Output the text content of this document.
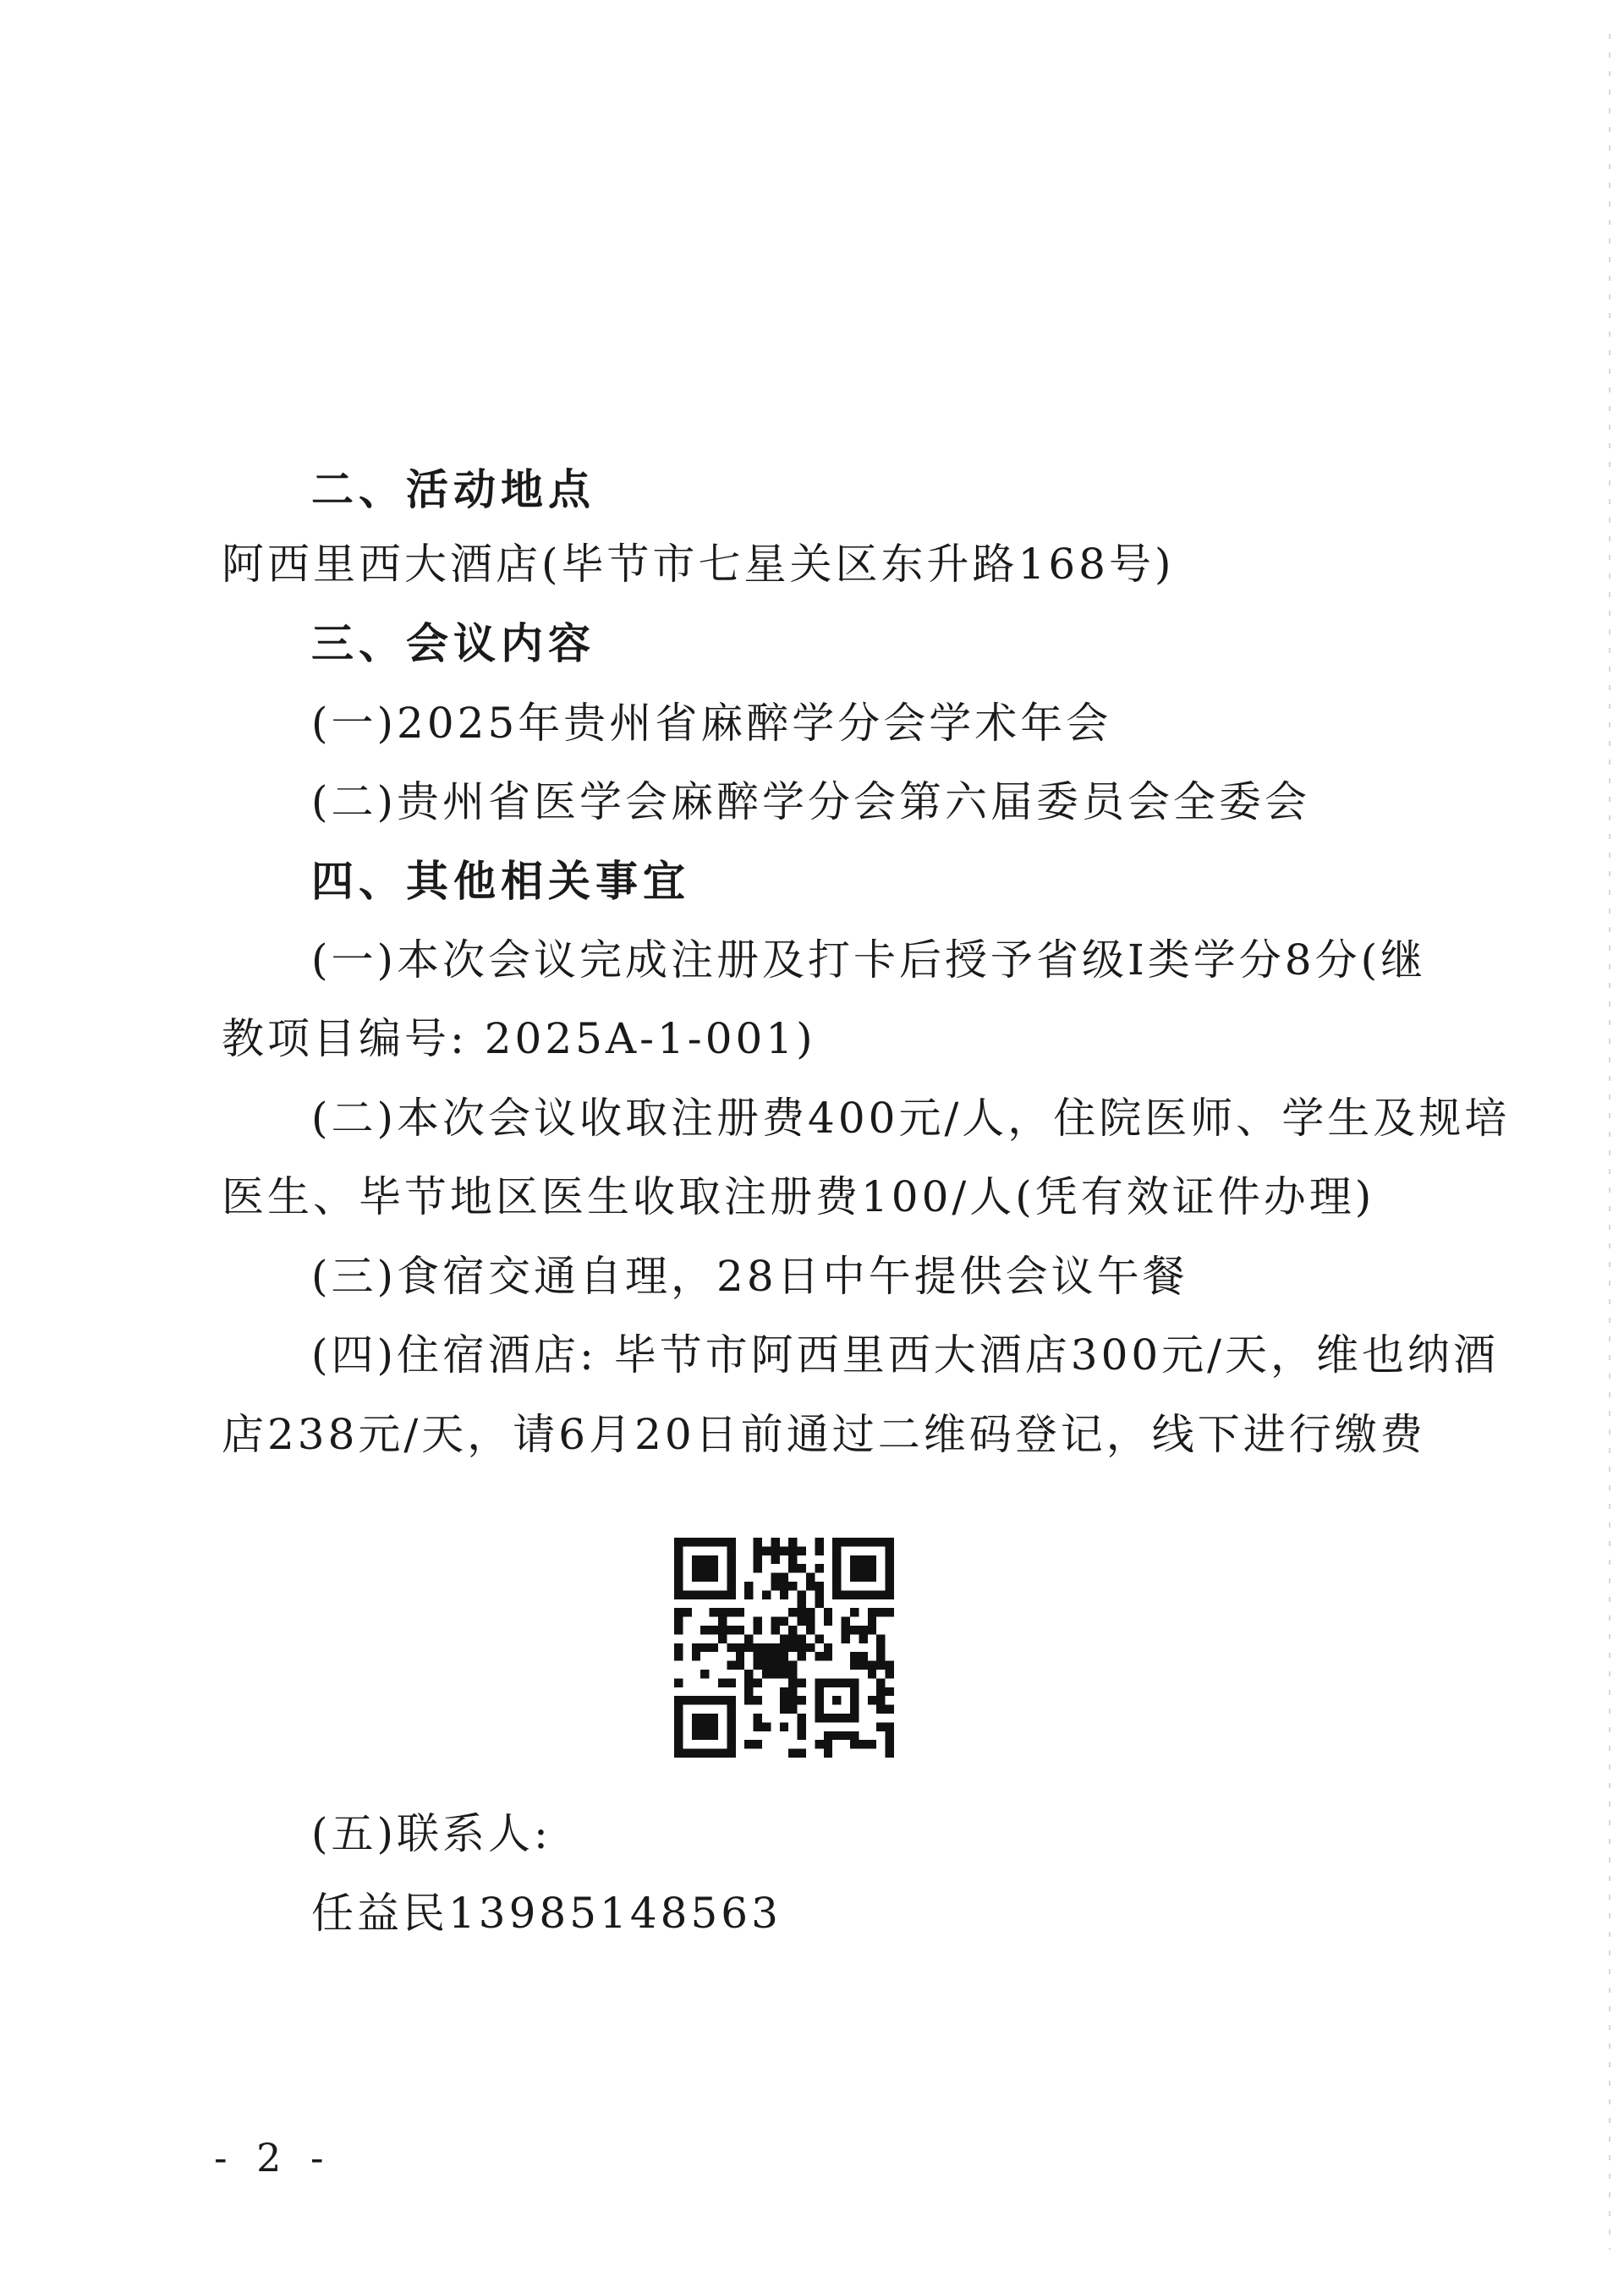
二、活动地点
阿西里西大酒店(毕节市七星关区东升路168号)
三、会议内容
(一)2025年贵州省麻醉学分会学术年会
(二)贵州省医学会麻醉学分会第六届委员会全委会
四、其他相关事宜
(一)本次会议完成注册及打卡后授予省级I类学分8分(继
教项目编号: 2025A-1-001)
(二)本次会议收取注册费400元/人，住院医师、学生及规培
医生、毕节地区医生收取注册费100/人(凭有效证件办理)
(三)食宿交通自理，28日中午提供会议午餐
(四)住宿酒店: 毕节市阿西里西大酒店300元/天，维也纳酒
店238元/天，请6月20日前通过二维码登记，线下进行缴费
(五)联系人:
任益民13985148563
- 2 -
